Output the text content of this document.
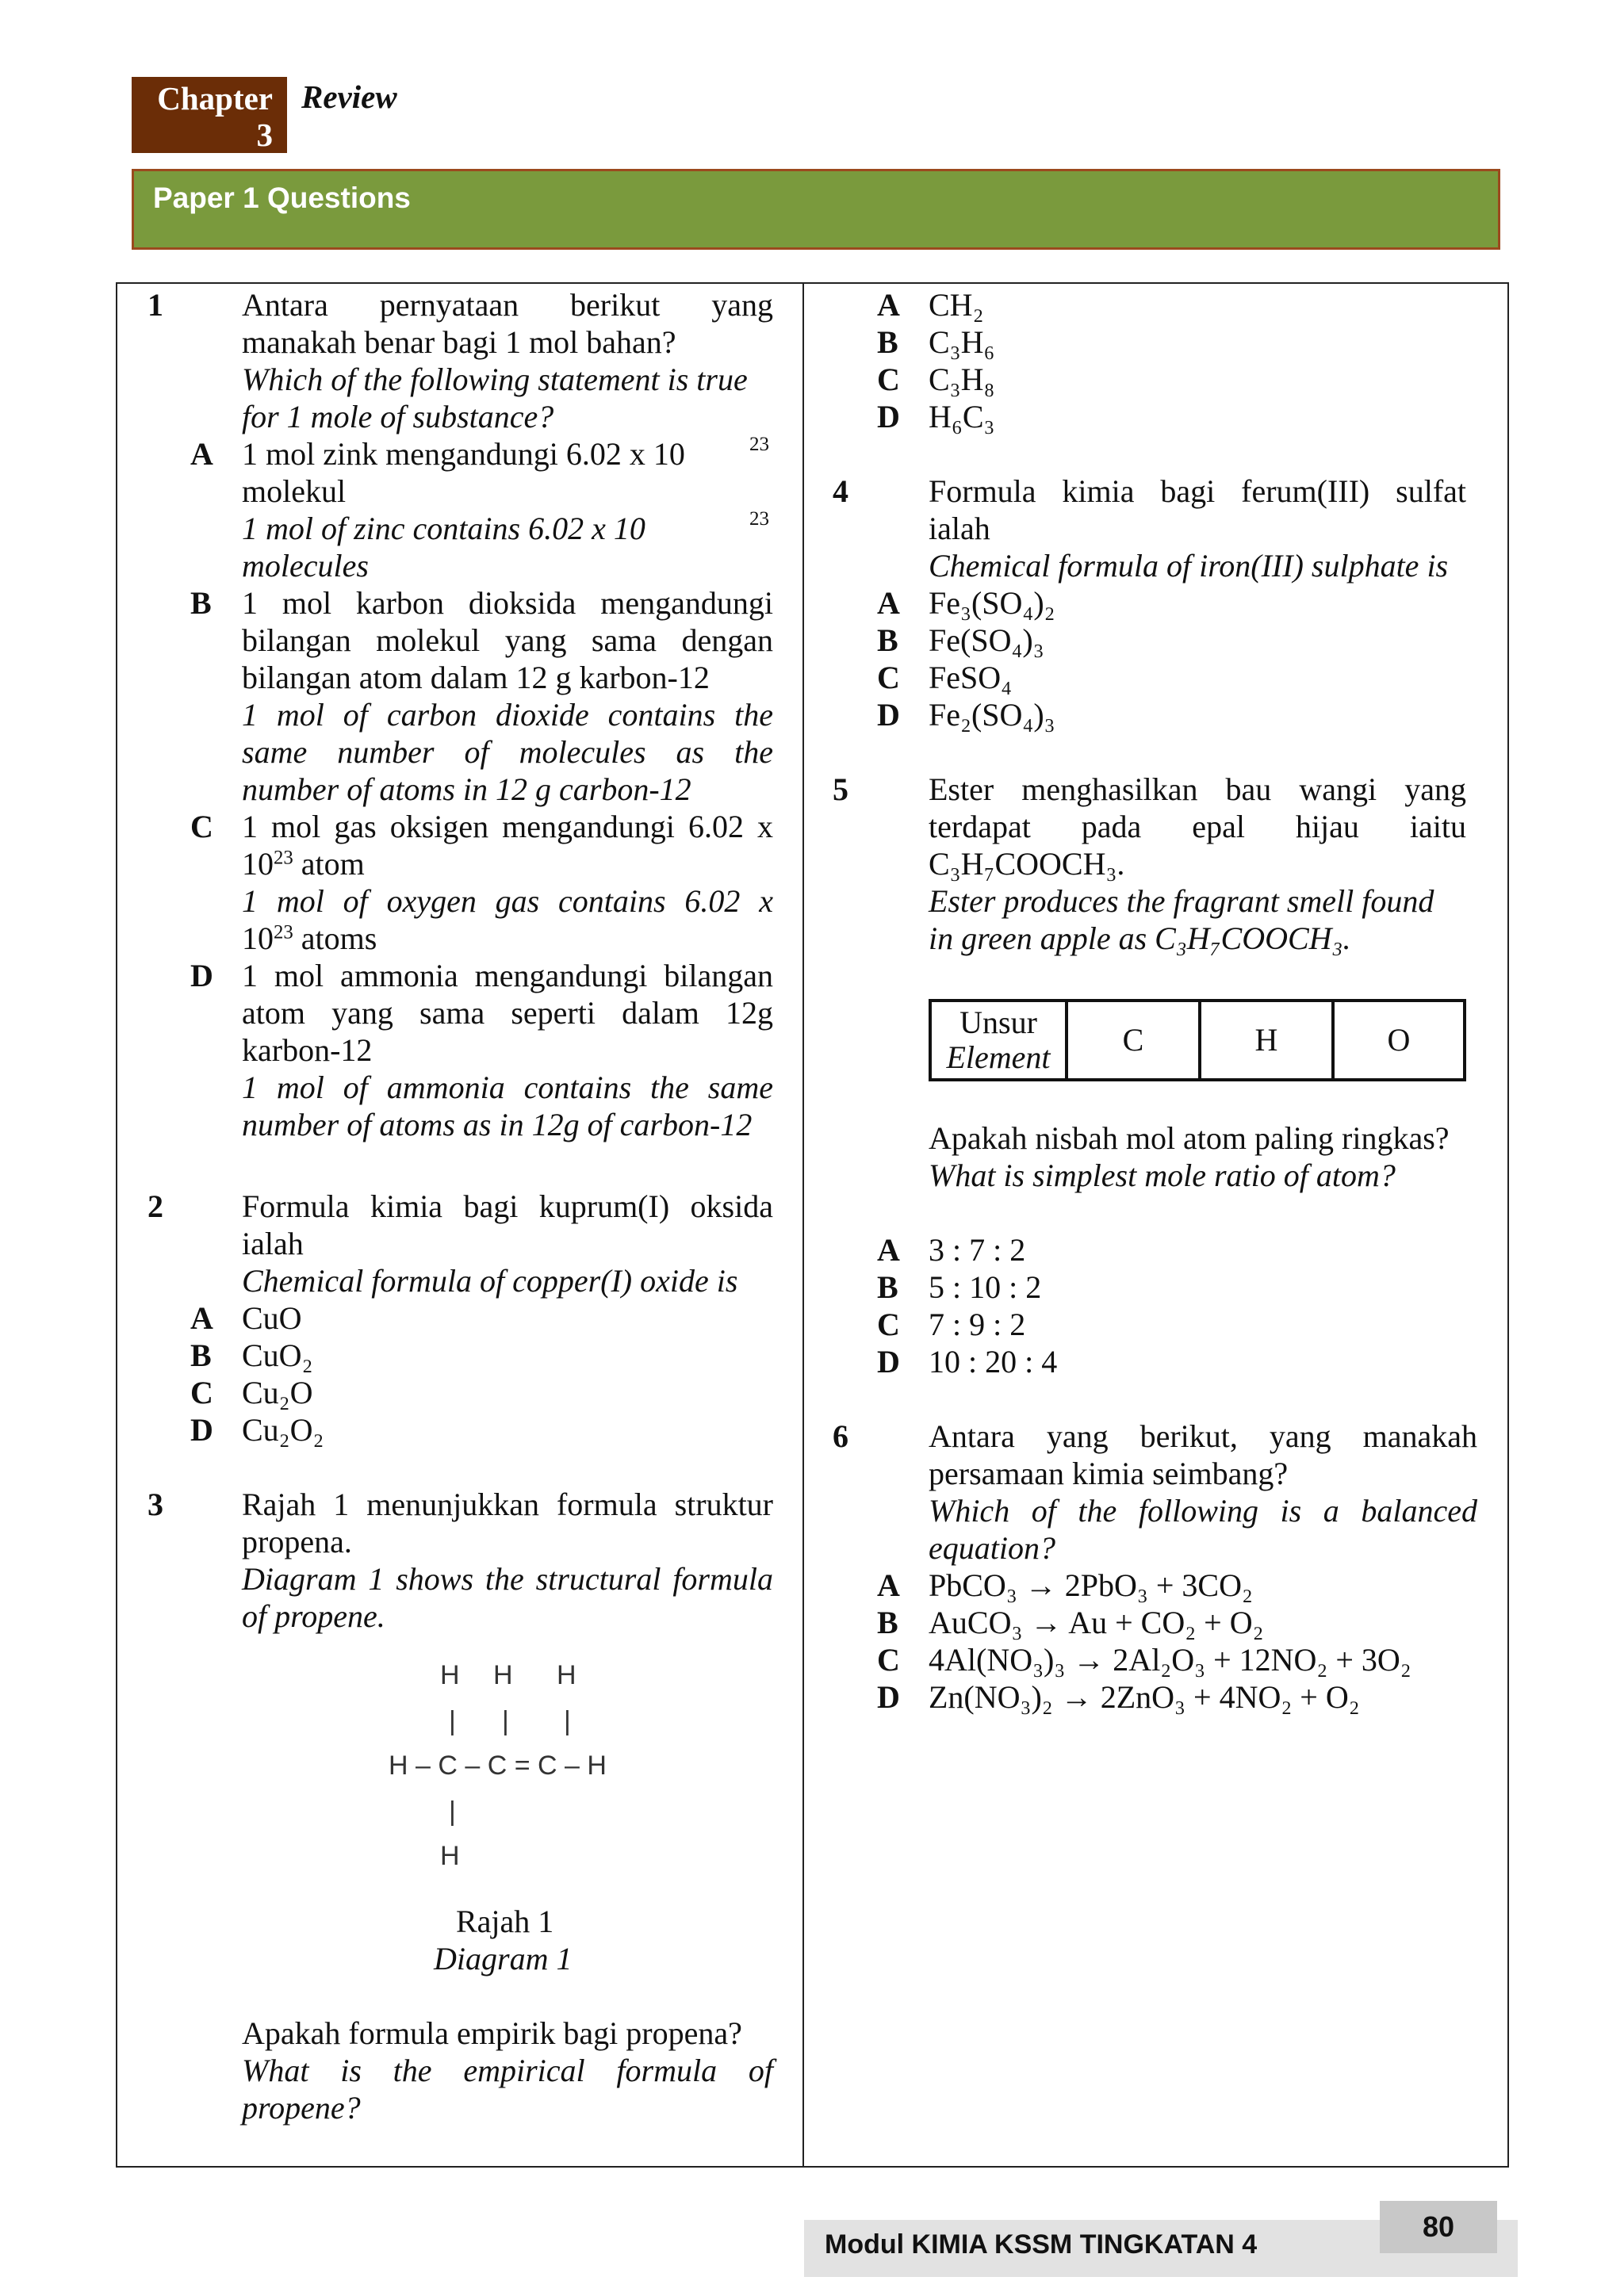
Chapter
3
Review
Paper 1 Questions
1 Antara pernyataan berikut yang
manakah benar bagi 1 mol bahan?
Which of the following statement is true
for 1 mole of substance?
A 1 mol zink mengandungi 6.02 x 10	23
molekul
1 mol of zinc contains 6.02 x 10	23
molecules
B 1 mol karbon dioksida mengandungi
bilangan molekul yang sama dengan
bilangan atom dalam 12 g karbon-12
1 mol of carbon dioxide contains the
same number of molecules as the
number of atoms in 12 g carbon-12
C 1 mol gas oksigen mengandungi 6.02 x
$10^{23}$ atom
1 mol of oxygen gas contains 6.02 x
$10^{23}$ atoms
D 1 mol ammonia mengandungi bilangan
atom yang sama seperti dalam 12g
karbon-12
1 mol of ammonia contains the same
number of atoms as in 12g of carbon-12
2 Formula kimia bagi kuprum(I) oksida
ialah
Chemical formula of copper(I) oxide is
A CuO
B CuO₂
C Cu₂O
D Cu₂O₂
3 Rajah 1 menunjukkan formula struktur
propena.
Diagram 1 shows the structural formula
of propene.
H H H
| | |
H – C – C = C – H
|
H
Rajah 1
Diagram 1
Apakah formula empirik bagi propena?
What is the empirical formula of
propene?
A CH₂
B C₃H₆
C C₃H₈
D H₆C₃
4	Formula kimia bagi ferum(III) sulfat
ialah
Chemical formula of iron(III) sulphate is
A Fe₃(SO₄)₂
B Fe(SO₄)₃
C FeSO₄
D Fe₂(SO₄)₃
5	Ester menghasilkan bau wangi yang
terdapat pada epal hijau iaitu
C₃H₇COOCH₃.
Ester produces the fragrant smell found
in green apple as C₃H₇COOCH₃.
Unsur
Element	C	H	O
Apakah nisbah mol atom paling ringkas?
What is simplest mole ratio of atom?
A 3 : 7 : 2
B 5 : 10 : 2
C 7 : 9 : 2
D 10 : 20 : 4
6	Antara yang berikut, yang manakah
persamaan kimia seimbang?
Which of the following is a balanced
equation?
A PbCO₃ → 2PbO₃ + 3CO₂
B AuCO₃ → Au + CO₂ + O₂
C 4Al(NO₃)₃ → 2Al₂O₃ + 12NO₂ + 3O₂
D Zn(NO₃)₂ → 2ZnO₃ + 4NO₂ + O₂
Modul KIMIA KSSM TINGKATAN 4
80
